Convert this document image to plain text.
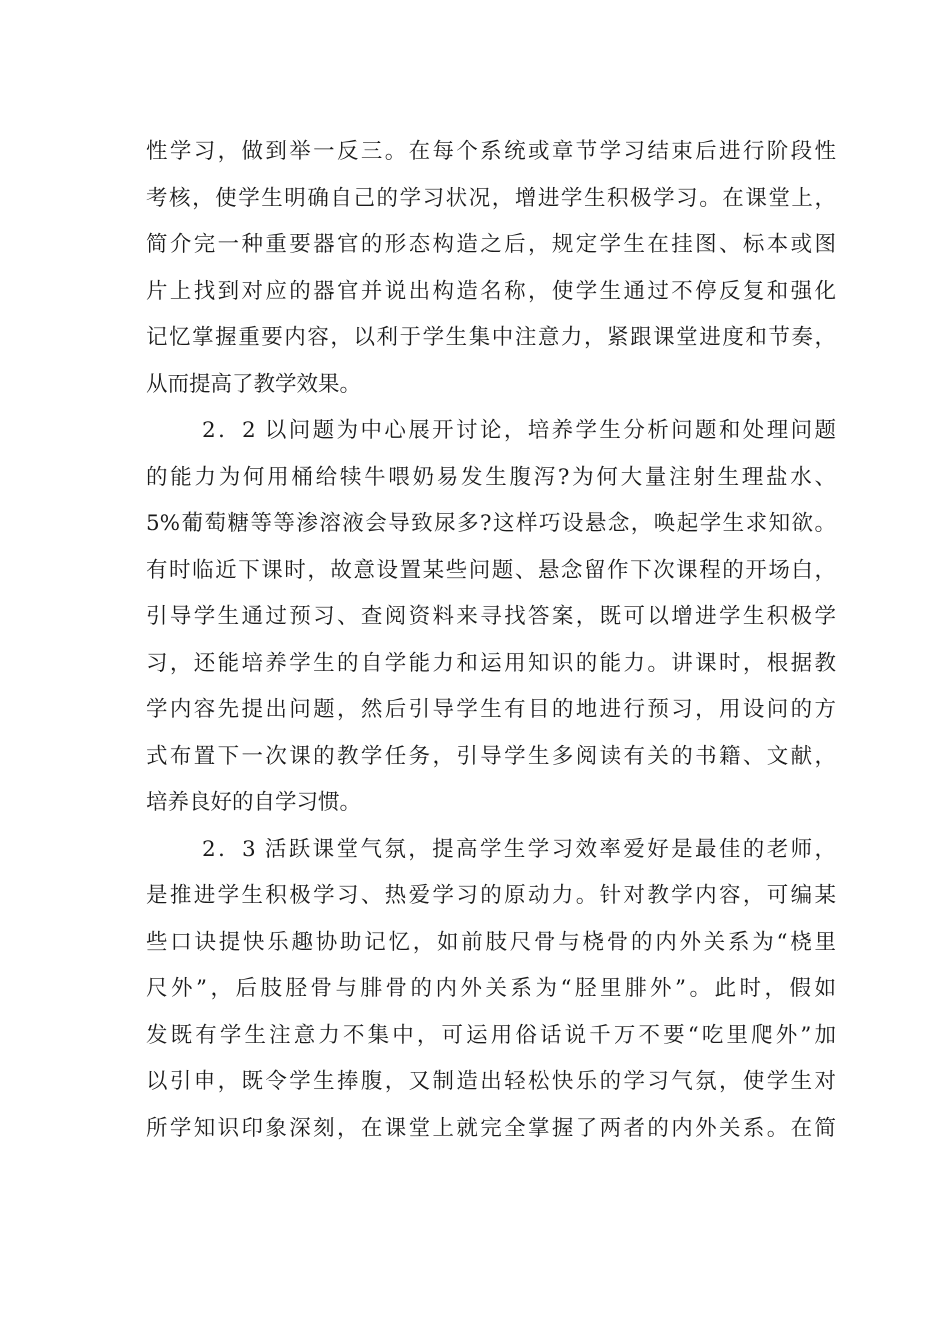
性学习，做到举一反三。在每个系统或章节学习结束后进行阶段性
考核，使学生明确自己的学习状况，增进学生积极学习。在课堂上，
简介完一种重要器官的形态构造之后，规定学生在挂图、标本或图
片上找到对应的器官并说出构造名称，使学生通过不停反复和强化
记忆掌握重要内容，以利于学生集中注意力，紧跟课堂进度和节奏，
从而提高了教学效果。
2．2 以问题为中心展开讨论，培养学生分析问题和处理问题
的能力为何用桶给犊牛喂奶易发生腹泻?为何大量注射生理盐水、
5%葡萄糖等等渗溶液会导致尿多?这样巧设悬念，唤起学生求知欲。
有时临近下课时，故意设置某些问题、悬念留作下次课程的开场白，
引导学生通过预习、查阅资料来寻找答案，既可以增进学生积极学
习，还能培养学生的自学能力和运用知识的能力。讲课时，根据教
学内容先提出问题，然后引导学生有目的地进行预习，用设问的方
式布置下一次课的教学任务，引导学生多阅读有关的书籍、文献，
培养良好的自学习惯。
2．3 活跃课堂气氛，提高学生学习效率爱好是最佳的老师，
是推进学生积极学习、热爱学习的原动力。针对教学内容，可编某
些口诀提快乐趣协助记忆，如前肢尺骨与桡骨的内外关系为“桡里
尺外”，后肢胫骨与腓骨的内外关系为“胫里腓外”。此时，假如
发既有学生注意力不集中，可运用俗话说千万不要“吃里爬外”加
以引申，既令学生捧腹，又制造出轻松快乐的学习气氛，使学生对
所学知识印象深刻，在课堂上就完全掌握了两者的内外关系。在简
